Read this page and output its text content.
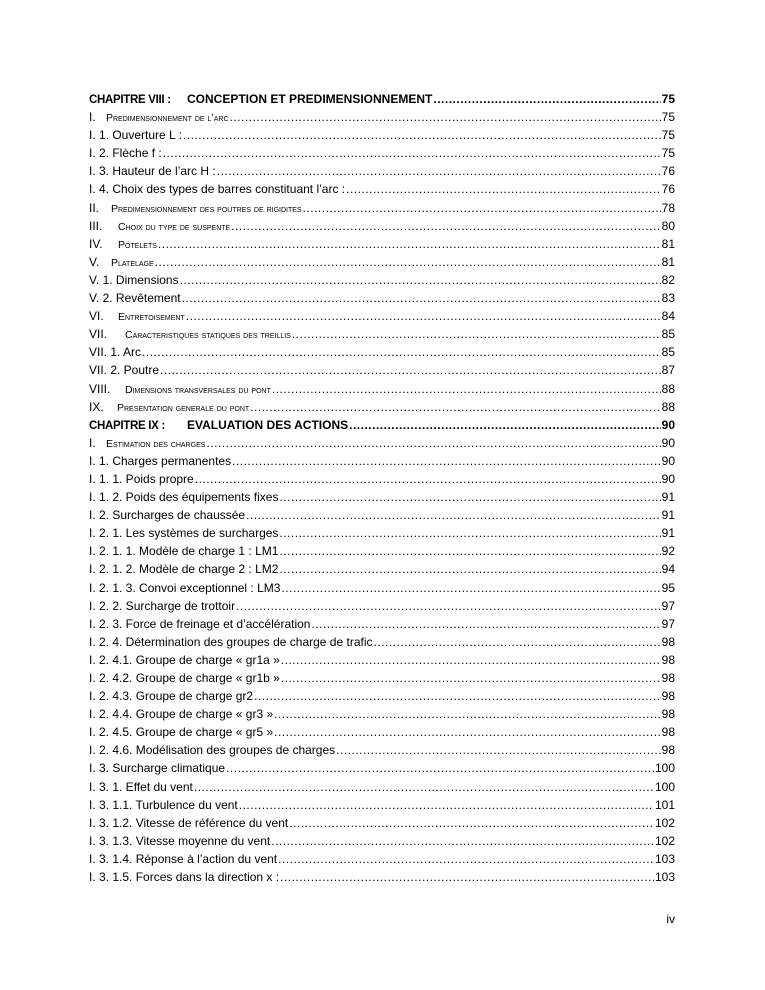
CHAPITRE VIII :	CONCEPTION ET PREDIMENSIONNEMENT .....	75
I. Predimensionnement de l’arc .....	75
I. 1. Ouverture L : .....	75
I. 2. Flèche f : .....	75
I. 3. Hauteur de l’arc H : .....	76
I. 4. Choix des types de barres constituant l’arc : .....	76
II.	Predimensionnement des poutres de rigidites .....	78
III.	Choix du type de suspente .....	80
IV.	Potelets .....	81
V.	Platelage .....	81
V. 1. Dimensions .....	82
V. 2. Revêtement .....	83
VI.	Entretoisement .....	84
VII.	Caracteristiques statiques des treillis .....	85
VII. 1. Arc .....	85
VII. 2. Poutre .....	87
VIII.	Dimensions transversales du pont .....	88
IX.	Presentation generale du pont .....	88
CHAPITRE IX :	EVALUATION DES ACTIONS .....	90
I. Estimation des charges .....	90
I. 1. Charges permanentes .....	90
I. 1. 1. Poids propre .....	90
I. 1. 2. Poids des équipements fixes .....	91
I. 2. Surcharges de chaussée .....	91
I. 2. 1. Les systèmes de surcharges .....	91
I. 2. 1. 1. Modèle de charge 1 : LM1 .....	92
I. 2. 1. 2. Modèle de charge 2 : LM2 .....	94
I. 2. 1. 3. Convoi exceptionnel : LM3 .....	95
I. 2. 2. Surcharge de trottoir .....	97
I. 2. 3. Force de freinage et d’accélération .....	97
I. 2. 4. Détermination des groupes de charge de trafic .....	98
I. 2. 4.1. Groupe de charge « gr1a » .....	98
I. 2. 4.2. Groupe de charge « gr1b » .....	98
I. 2. 4.3. Groupe de charge gr2 .....	98
I. 2. 4.4. Groupe de charge « gr3 » .....	98
I. 2. 4.5. Groupe de charge « gr5 » .....	98
I. 2. 4.6. Modélisation des groupes de charges .....	98
I. 3. Surcharge climatique .....	100
I. 3. 1. Effet du vent .....	100
I. 3. 1.1. Turbulence du vent .....	101
I. 3. 1.2. Vitesse de référence du vent .....	102
I. 3. 1.3. Vitesse moyenne du vent .....	102
I. 3. 1.4. Réponse à l’action du vent .....	103
I. 3. 1.5. Forces dans la direction x : .....	103
iv
